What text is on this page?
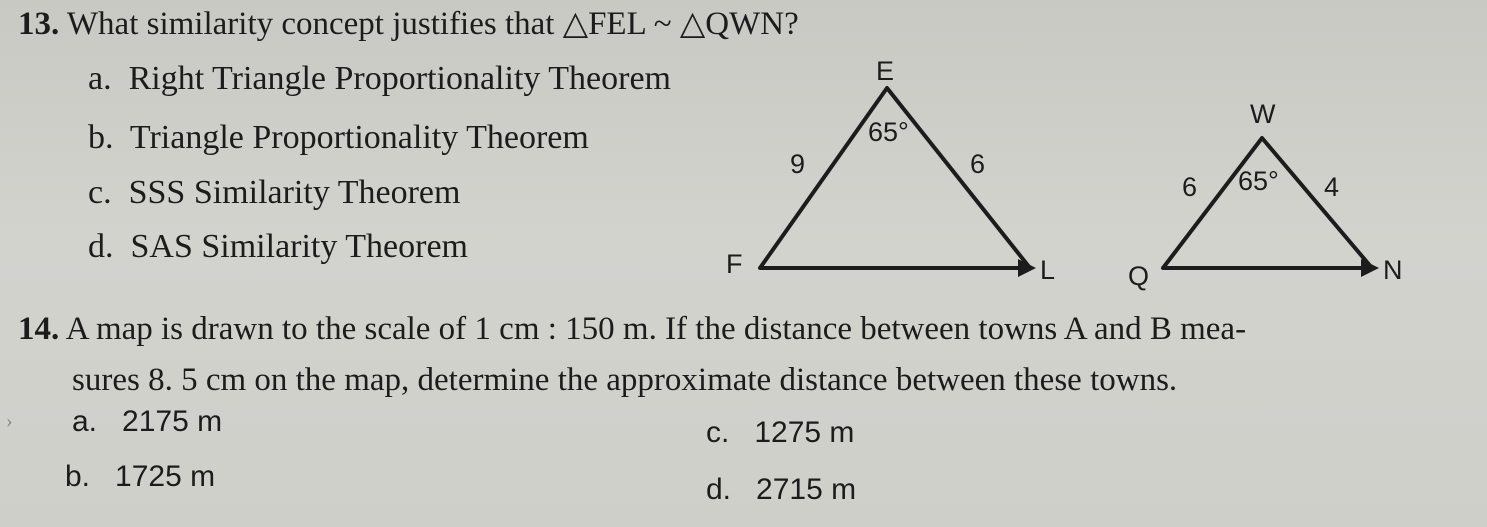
13. What similarity concept justifies that △FEL ~ △QWN?
a. Right Triangle Proportionality Theorem
b. Triangle Proportionality Theorem
c. SSS Similarity Theorem
d. SAS Similarity Theorem
E
F	L
65°
9	6
W
Q	N
65°
6	4
14. A map is drawn to the scale of 1 cm : 150 m. If the distance between towns A and B mea-
sures 8. 5 cm on the map, determine the approximate distance between these towns.
› a. 2175 m
b. 1725 m
c. 1275 m
d. 2715 m
